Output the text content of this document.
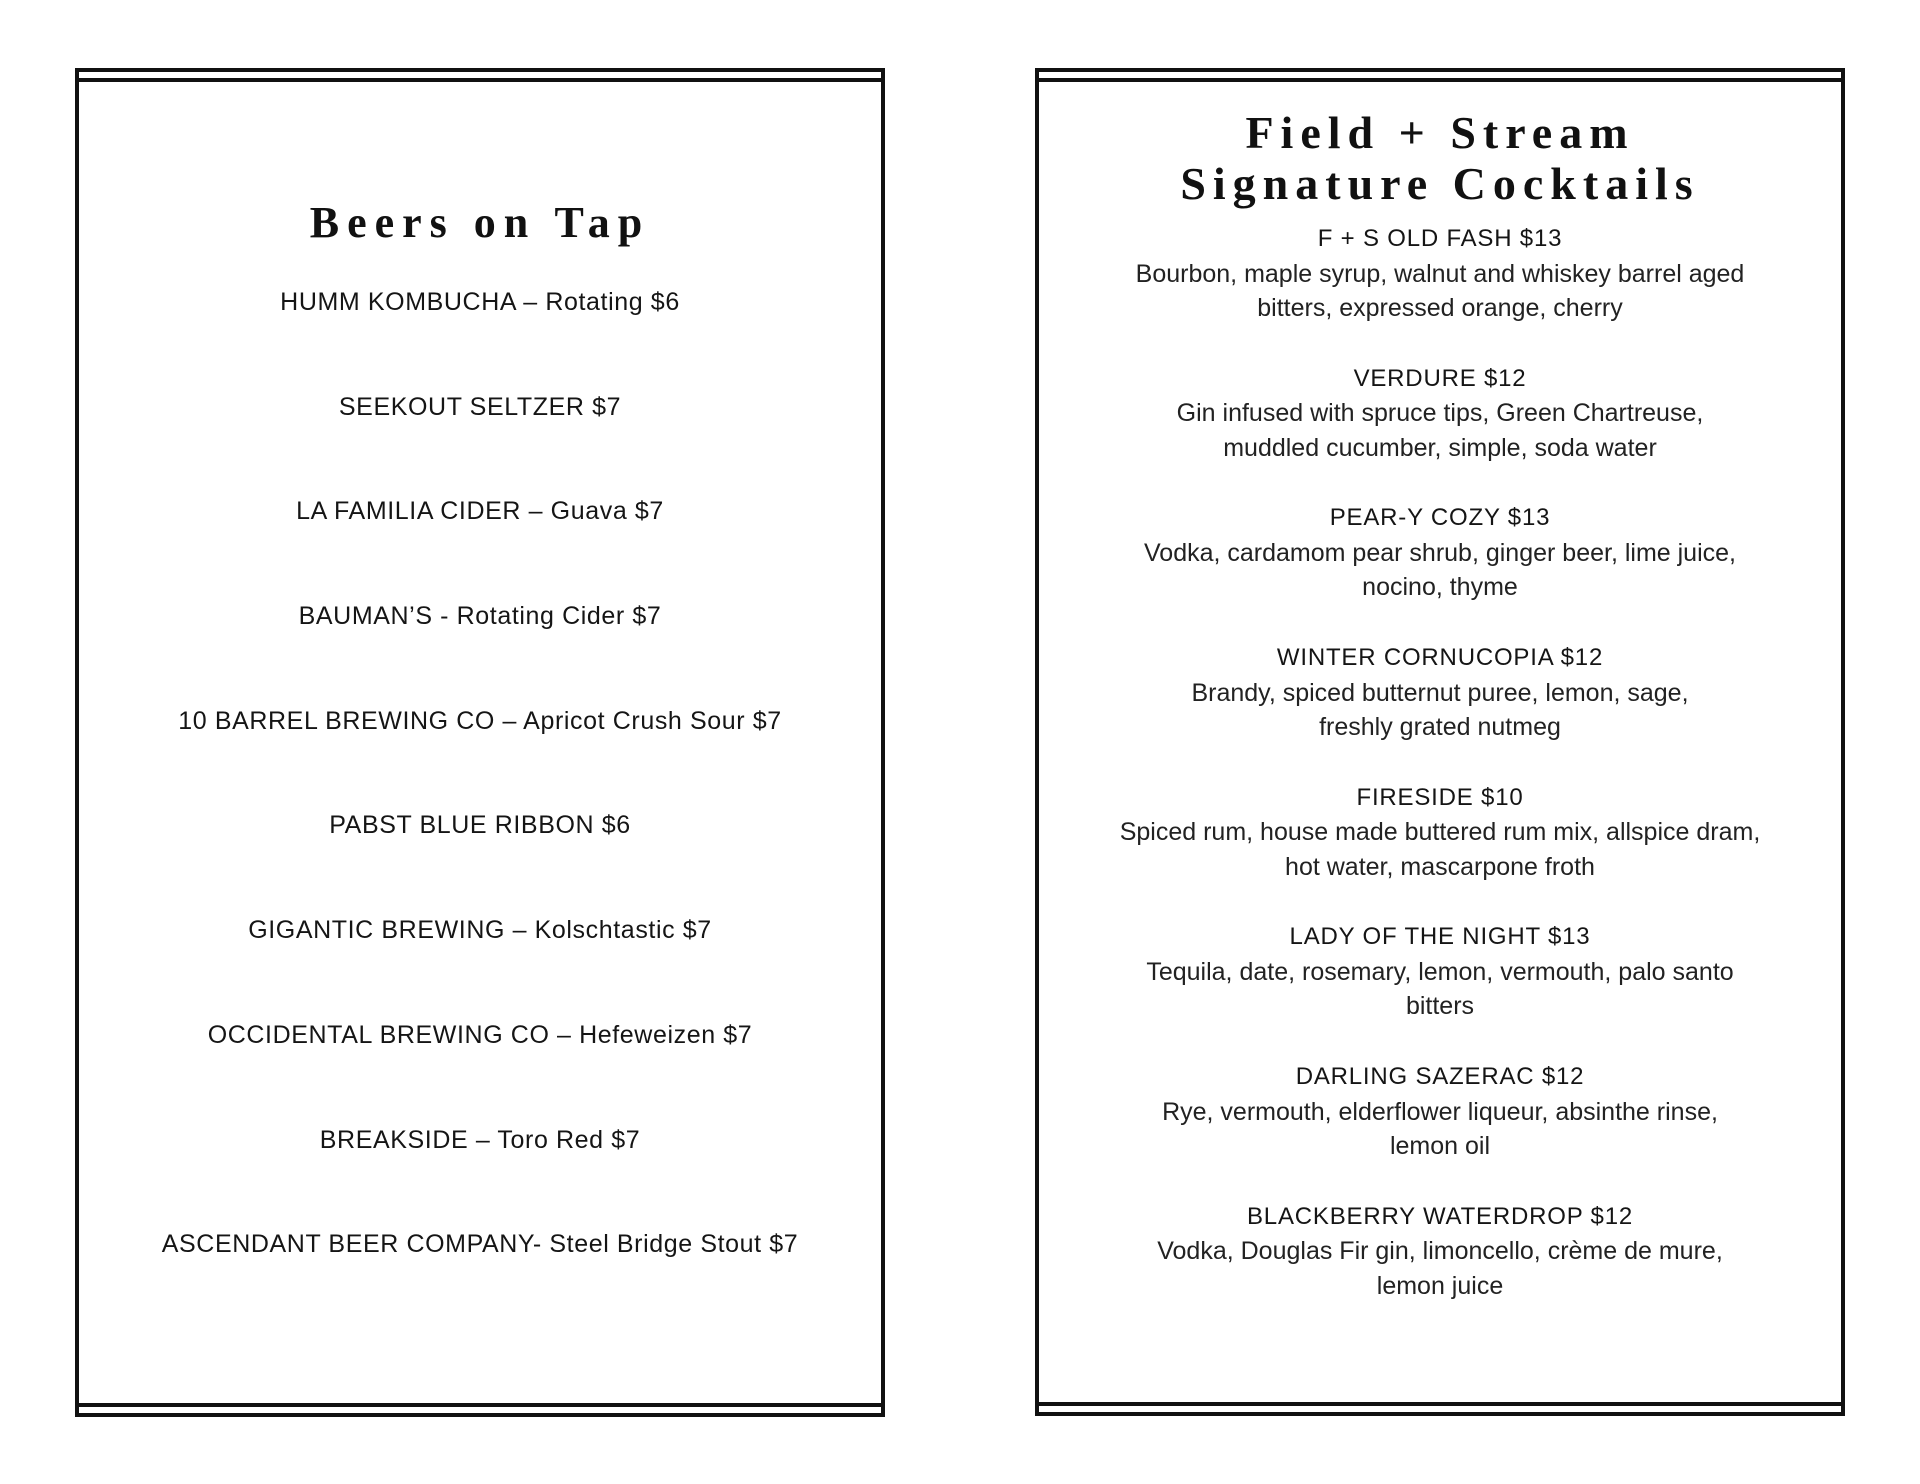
Beers on Tap
HUMM KOMBUCHA – Rotating $6
SEEKOUT SELTZER $7
LA FAMILIA CIDER – Guava $7
BAUMAN’S - Rotating Cider $7
10 BARREL BREWING CO – Apricot Crush Sour $7
PABST BLUE RIBBON $6
GIGANTIC BREWING – Kolschtastic $7
OCCIDENTAL BREWING CO – Hefeweizen $7
BREAKSIDE – Toro Red $7
ASCENDANT BEER COMPANY- Steel Bridge Stout $7
Field + Stream
Signature Cocktails
F + S OLD FASH $13
Bourbon, maple syrup, walnut and whiskey barrel aged
bitters, expressed orange, cherry
VERDURE $12
Gin infused with spruce tips, Green Chartreuse,
muddled cucumber, simple, soda water
PEAR-Y COZY $13
Vodka, cardamom pear shrub, ginger beer, lime juice,
nocino, thyme
WINTER CORNUCOPIA $12
Brandy, spiced butternut puree, lemon, sage,
freshly grated nutmeg
FIRESIDE $10
Spiced rum, house made buttered rum mix, allspice dram,
hot water, mascarpone froth
LADY OF THE NIGHT $13
Tequila, date, rosemary, lemon, vermouth, palo santo
bitters
DARLING SAZERAC $12
Rye, vermouth, elderflower liqueur, absinthe rinse,
lemon oil
BLACKBERRY WATERDROP $12
Vodka, Douglas Fir gin, limoncello, crème de mure,
lemon juice
